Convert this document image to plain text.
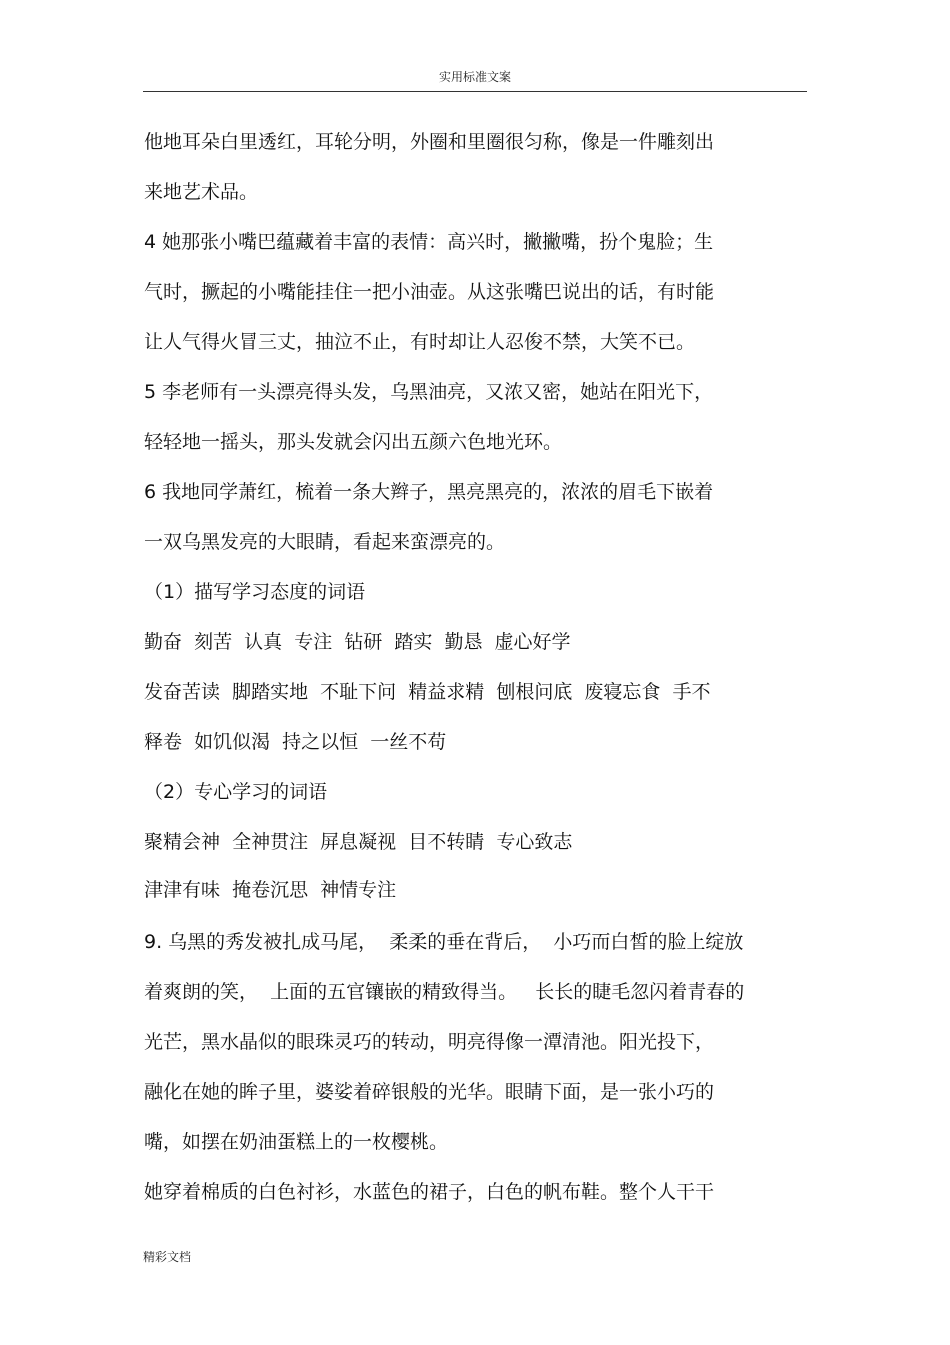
实用标准文案
他地耳朵白里透红，耳轮分明，外圈和里圈很匀称，像是一件雕刻出
来地艺术品。
4 她那张小嘴巴蕴藏着丰富的表情：高兴时，撇撇嘴，扮个鬼脸；生
气时，撅起的小嘴能挂住一把小油壶。从这张嘴巴说出的话，有时能
让人气得火冒三丈，抽泣不止，有时却让人忍俊不禁，大笑不已。
5 李老师有一头漂亮得头发，乌黑油亮，又浓又密，她站在阳光下，
轻轻地一摇头，那头发就会闪出五颜六色地光环。
6 我地同学萧红，梳着一条大辫子，黑亮黑亮的，浓浓的眉毛下嵌着
一双乌黑发亮的大眼睛，看起来蛮漂亮的。
（1）描写学习态度的词语
勤奋  刻苦  认真  专注  钻研  踏实  勤恳  虚心好学
发奋苦读  脚踏实地  不耻下问  精益求精  刨根问底  废寝忘食  手不
释卷  如饥似渴  持之以恒  一丝不苟
（2）专心学习的词语
聚精会神  全神贯注  屏息凝视  目不转睛  专心致志
津津有味  掩卷沉思  神情专注
9. 乌黑的秀发被扎成马尾，  柔柔的垂在背后，  小巧而白皙的脸上绽放
着爽朗的笑，  上面的五官镶嵌的精致得当。   长长的睫毛忽闪着青春的
光芒，黑水晶似的眼珠灵巧的转动，明亮得像一潭清池。阳光投下，
融化在她的眸子里，婆娑着碎银般的光华。眼睛下面，是一张小巧的
嘴，如摆在奶油蛋糕上的一枚樱桃。
她穿着棉质的白色衬衫，水蓝色的裙子，白色的帆布鞋。整个人干干
精彩文档
